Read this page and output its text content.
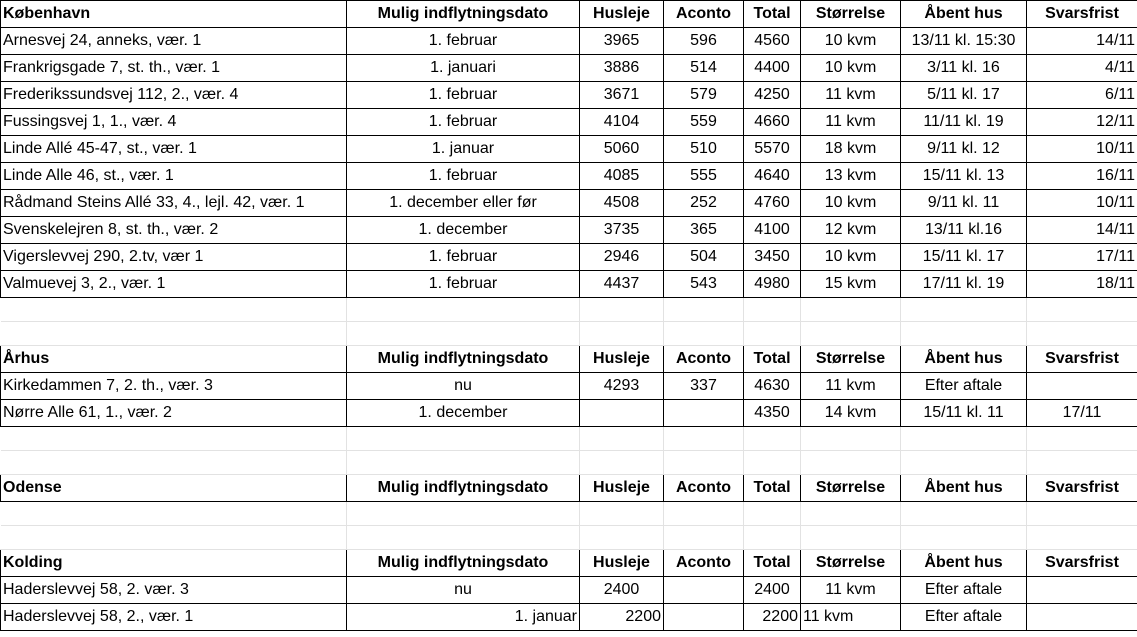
København	Mulig indflytningsdato	Husleje	Aconto	Total	Størrelse	Åbent hus	Svarsfrist
Arnesvej 24, anneks, vær. 1	1. februar	3965	596	4560	10 kvm	13/11 kl. 15:30	14/11
Frankrigsgade 7, st. th., vær. 1	1. januari	3886	514	4400	10 kvm	3/11 kl. 16	4/11
Frederikssundsvej 112, 2., vær. 4	1. februar	3671	579	4250	11 kvm	5/11 kl. 17	6/11
Fussingsvej 1, 1., vær. 4	1. februar	4104	559	4660	11 kvm	11/11 kl. 19	12/11
Linde Allé 45-47, st., vær. 1	1. januar	5060	510	5570	18 kvm	9/11 kl. 12	10/11
Linde Alle 46, st., vær. 1	1. februar	4085	555	4640	13 kvm	15/11 kl. 13	16/11
Rådmand Steins Allé 33, 4., lejl. 42, vær. 1	1. december eller før	4508	252	4760	10 kvm	9/11 kl. 11	10/11
Svenskelejren 8, st. th., vær. 2	1. december	3735	365	4100	12 kvm	13/11 kl.16	14/11
Vigerslevvej 290, 2.tv, vær 1	1. februar	2946	504	3450	10 kvm	15/11 kl. 17	17/11
Valmuevej 3, 2., vær. 1	1. februar	4437	543	4980	15 kvm	17/11 kl. 19	18/11

Århus	Mulig indflytningsdato	Husleje	Aconto	Total	Størrelse	Åbent hus	Svarsfrist
Kirkedammen 7, 2. th., vær. 3	nu	4293	337	4630	11 kvm	Efter aftale	
Nørre Alle 61, 1., vær. 2	1. december			4350	14 kvm	15/11 kl. 11	17/11

Odense	Mulig indflytningsdato	Husleje	Aconto	Total	Størrelse	Åbent hus	Svarsfrist

Kolding	Mulig indflytningsdato	Husleje	Aconto	Total	Størrelse	Åbent hus	Svarsfrist
Haderslevvej 58, 2. vær. 3	nu	2400		2400	11 kvm	Efter aftale	
Haderslevvej 58, 2., vær. 1	1. januar	2200		2200	11 kvm	Efter aftale	
